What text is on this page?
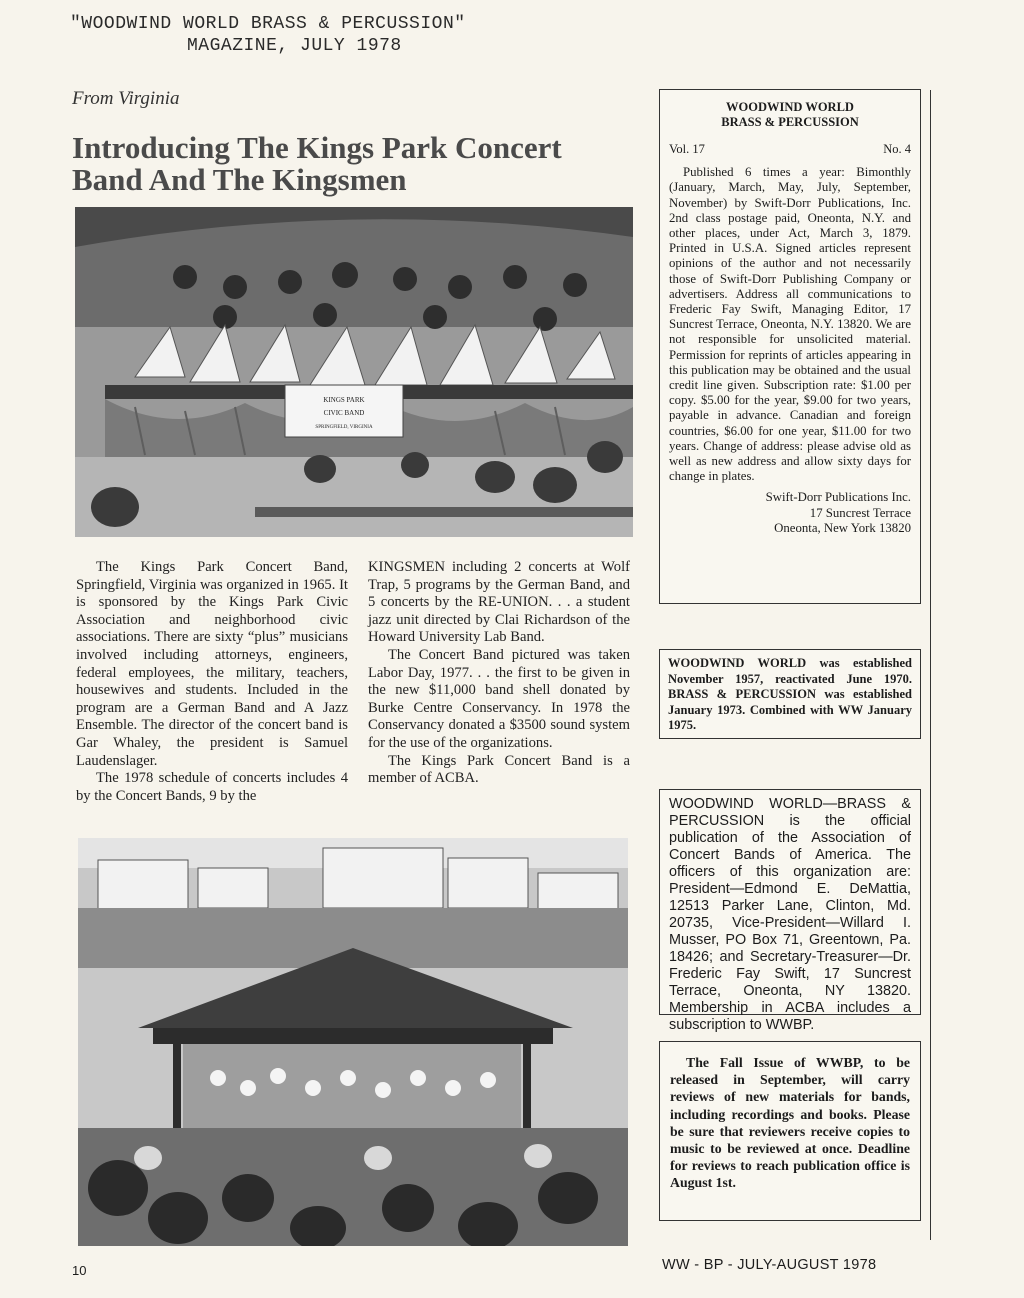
"WOODWIND WORLD BRASS & PERCUSSION"
MAGAZINE, JULY 1978
From Virginia
Introducing The Kings Park Concert Band And The Kingsmen
KINGS PARK
CIVIC BAND
SPRINGFIELD, VIRGINIA

The Kings Park Concert Band, Springfield, Virginia was organized in 1965. It is sponsored by the Kings Park Civic Association and neighborhood civic associations. There are sixty “plus” musicians involved including attorneys, engineers, federal employees, the military, teachers, housewives and students. Included in the program are a German Band and A Jazz Ensemble. The director of the concert band is Gar Whaley, the president is Samuel Laudenslager.

The 1978 schedule of concerts includes 4 by the Concert Bands, 9 by the

KINGSMEN including 2 concerts at Wolf Trap, 5 programs by the German Band, and 5 concerts by the RE-UNION. . . a student jazz unit directed by Clai Richardson of the Howard University Lab Band.

The Concert Band pictured was taken Labor Day, 1977. . . the first to be given in the new $11,000 band shell donated by Burke Centre Conservancy. In 1978 the Conservancy donated a $3500 sound system for the use of the organizations.

The Kings Park Concert Band is a member of ACBA.

WOODWIND WORLD
BRASS & PERCUSSION
Vol. 17	No. 4
Published 6 times a year: Bimonthly (January, March, May, July, September, November) by Swift-Dorr Publications, Inc. 2nd class postage paid, Oneonta, N.Y. and other places, under Act, March 3, 1879. Printed in U.S.A. Signed articles represent opinions of the author and not necessarily those of Swift-Dorr Publishing Company or advertisers. Address all communications to Frederic Fay Swift, Managing Editor, 17 Suncrest Terrace, Oneonta, N.Y. 13820. We are not responsible for unsolicited material. Permission for reprints of articles appearing in this publication may be obtained and the usual credit line given. Subscription rate: $1.00 per copy. $5.00 for the year, $9.00 for two years, payable in advance. Canadian and foreign countries, $6.00 for one year, $11.00 for two years. Change of address: please advise old as well as new address and allow sixty days for change in plates.
Swift-Dorr Publications Inc.
17 Suncrest Terrace
Oneonta, New York 13820
WOODWIND WORLD was established November 1957, reactivated June 1970. BRASS & PERCUSSION was established January 1973. Combined with WW January 1975.
WOODWIND WORLD—BRASS & PERCUSSION is the official publication of the Association of Concert Bands of America. The officers of this organization are: President—Edmond E. DeMattia, 12513 Parker Lane, Clinton, Md. 20735, Vice-President—Willard I. Musser, PO Box 71, Greentown, Pa. 18426; and Secretary-Treasurer—Dr. Frederic Fay Swift, 17 Suncrest Terrace, Oneonta, NY 13820. Membership in ACBA includes a subscription to WWBP.
The Fall Issue of WWBP, to be released in September, will carry reviews of new materials for bands, including recordings and books. Please be sure that reviewers receive copies to music to be reviewed at once. Deadline for reviews to reach publication office is August 1st.
10	WW - BP - JULY-AUGUST 1978
